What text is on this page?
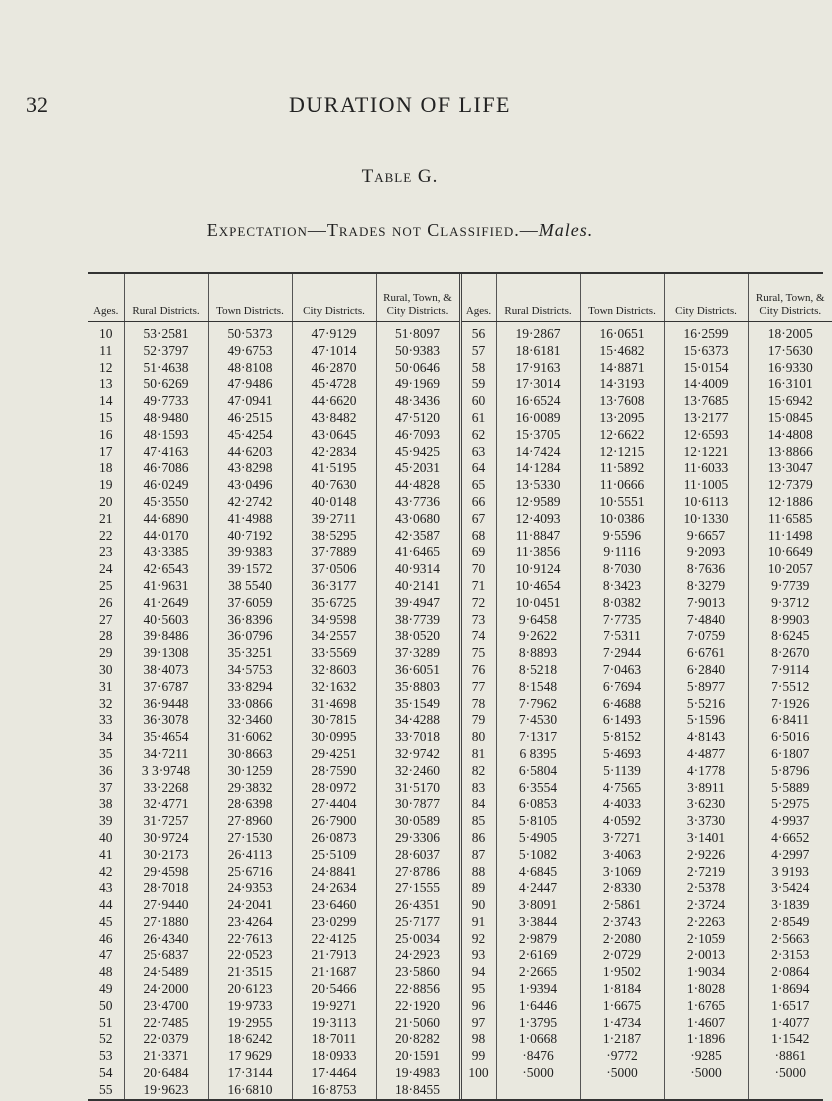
32	DURATION OF LIFE
Table G.
Expectation—Trades not Classified.—Males.
Ages.	Rural Districts.	Town Districts.	City Districts.	Rural, Town, & City Districts.	Ages.	Rural Districts.	Town Districts.	City Districts.	Rural, Town, & City Districts.
10	53·2581	50·5373	47·9129	51·8097	56	19·2867	16·0651	16·2599	18·2005
11	52·3797	49·6753	47·1014	50·9383	57	18·6181	15·4682	15·6373	17·5630
12	51·4638	48·8108	46·2870	50·0646	58	17·9163	14·8871	15·0154	16·9330
13	50·6269	47·9486	45·4728	49·1969	59	17·3014	14·3193	14·4009	16·3101
14	49·7733	47·0941	44·6620	48·3436	60	16·6524	13·7608	13·7685	15·6942
15	48·9480	46·2515	43·8482	47·5120	61	16·0089	13·2095	13·2177	15·0845
16	48·1593	45·4254	43·0645	46·7093	62	15·3705	12·6622	12·6593	14·4808
17	47·4163	44·6203	42·2834	45·9425	63	14·7424	12·1215	12·1221	13·8866
18	46·7086	43·8298	41·5195	45·2031	64	14·1284	11·5892	11·6033	13·3047
19	46·0249	43·0496	40·7630	44·4828	65	13·5330	11·0666	11·1005	12·7379
20	45·3550	42·2742	40·0148	43·7736	66	12·9589	10·5551	10·6113	12·1886
21	44·6890	41·4988	39·2711	43·0680	67	12·4093	10·0386	10·1330	11·6585
22	44·0170	40·7192	38·5295	42·3587	68	11·8847	9·5596	9·6657	11·1498
23	43·3385	39·9383	37·7889	41·6465	69	11·3856	9·1116	9·2093	10·6649
24	42·6543	39·1572	37·0506	40·9314	70	10·9124	8·7030	8·7636	10·2057
25	41·9631	38 5540	36·3177	40·2141	71	10·4654	8·3423	8·3279	9·7739
26	41·2649	37·6059	35·6725	39·4947	72	10·0451	8·0382	7·9013	9·3712
27	40·5603	36·8396	34·9598	38·7739	73	9·6458	7·7735	7·4840	8·9903
28	39·8486	36·0796	34·2557	38·0520	74	9·2622	7·5311	7·0759	8·6245
29	39·1308	35·3251	33·5569	37·3289	75	8·8893	7·2944	6·6761	8·2670
30	38·4073	34·5753	32·8603	36·6051	76	8·5218	7·0463	6·2840	7·9114
31	37·6787	33·8294	32·1632	35·8803	77	8·1548	6·7694	5·8977	7·5512
32	36·9448	33·0866	31·4698	35·1549	78	7·7962	6·4688	5·5216	7·1926
33	36·3078	32·3460	30·7815	34·4288	79	7·4530	6·1493	5·1596	6·8411
34	35·4654	31·6062	30·0995	33·7018	80	7·1317	5·8152	4·8143	6·5016
35	34·7211	30·8663	29·4251	32·9742	81	6 8395	5·4693	4·4877	6·1807
36	3 3·9748	30·1259	28·7590	32·2460	82	6·5804	5·1139	4·1778	5·8796
37	33·2268	29·3832	28·0972	31·5170	83	6·3554	4·7565	3·8911	5·5889
38	32·4771	28·6398	27·4404	30·7877	84	6·0853	4·4033	3·6230	5·2975
39	31·7257	27·8960	26·7900	30·0589	85	5·8105	4·0592	3·3730	4·9937
40	30·9724	27·1530	26·0873	29·3306	86	5·4905	3·7271	3·1401	4·6652
41	30·2173	26·4113	25·5109	28·6037	87	5·1082	3·4063	2·9226	4·2997
42	29·4598	25·6716	24·8841	27·8786	88	4·6845	3·1069	2·7219	3 9193
43	28·7018	24·9353	24·2634	27·1555	89	4·2447	2·8330	2·5378	3·5424
44	27·9440	24·2041	23·6460	26·4351	90	3·8091	2·5861	2·3724	3·1839
45	27·1880	23·4264	23·0299	25·7177	91	3·3844	2·3743	2·2263	2·8549
46	26·4340	22·7613	22·4125	25·0034	92	2·9879	2·2080	2·1059	2·5663
47	25·6837	22·0523	21·7913	24·2923	93	2·6169	2·0729	2·0013	2·3153
48	24·5489	21·3515	21·1687	23·5860	94	2·2665	1·9502	1·9034	2·0864
49	24·2000	20·6123	20·5466	22·8856	95	1·9394	1·8184	1·8028	1·8694
50	23·4700	19·9733	19·9271	22·1920	96	1·6446	1·6675	1·6765	1·6517
51	22·7485	19·2955	19·3113	21·5060	97	1·3795	1·4734	1·4607	1·4077
52	22·0379	18·6242	18·7011	20·8282	98	1·0668	1·2187	1·1896	1·1542
53	21·3371	17 9629	18·0933	20·1591	99	·8476	·9772	·9285	·8861
54	20·6484	17·3144	17·4464	19·4983	100	·5000	·5000	·5000	·5000
55	19·9623	16·6810	16·8753	18·8455					
